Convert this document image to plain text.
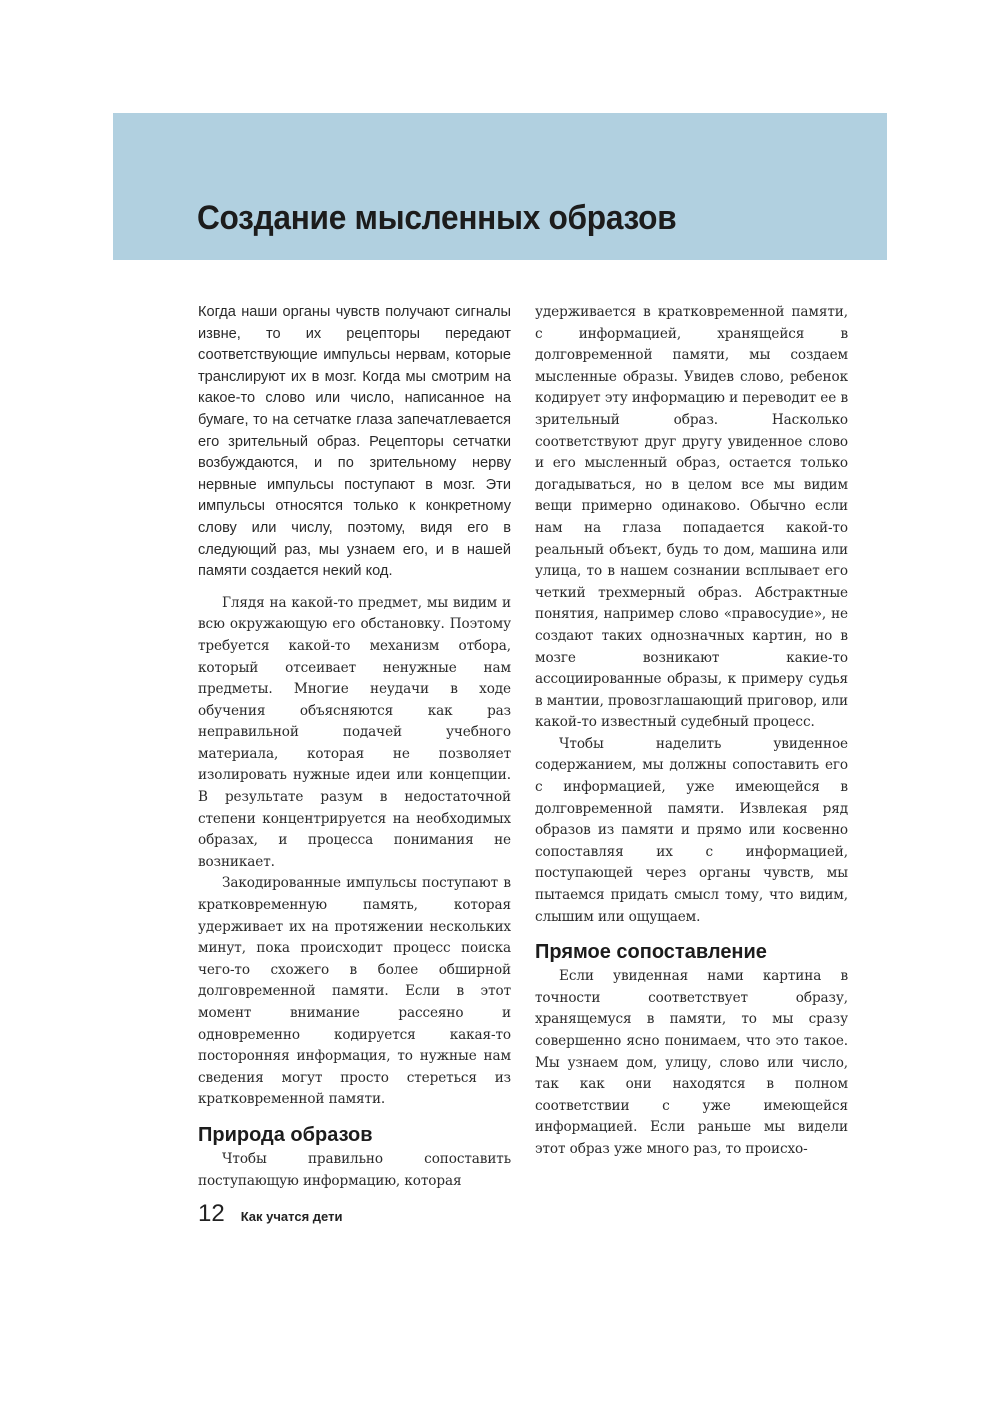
Создание мысленных образов

Когда наши органы чувств получают сигналы извне, то их рецепторы передают соответствующие импульсы нервам, которые транслируют их в мозг. Когда мы смотрим на какое-то слово или число, написанное на бумаге, то на сетчатке глаза запечатлевается его зрительный образ. Рецепторы сетчатки возбуждаются, и по зрительному нерву нервные импульсы поступают в мозг. Эти импульсы относятся только к конкретному слову или числу, поэтому, видя его в следующий раз, мы узнаем его, и в нашей памяти создается некий код.

Глядя на какой-то предмет, мы видим и всю окружающую его обстановку. Поэтому требуется какой-то механизм отбора, который отсеивает ненужные нам предметы. Многие неудачи в ходе обучения объясняются как раз неправильной подачей учебного материала, которая не позволяет изолировать нужные идеи или концепции. В результате разум в недостаточной степени концентрируется на необходимых образах, и процесса понимания не возникает.

Закодированные импульсы поступают в кратковременную память, которая удерживает их на протяжении нескольких минут, пока происходит процесс поиска чего-то схожего в более обширной долговременной памяти. Если в этот момент внимание рассеяно и одновременно кодируется какая-то посторонняя информация, то нужные нам сведения могут просто стереться из кратковременной памяти.

Природа образов

Чтобы правильно сопоставить поступающую информацию, которая

удерживается в кратковременной памяти, с информацией, хранящейся в долговременной памяти, мы создаем мысленные образы. Увидев слово, ребенок кодирует эту информацию и переводит ее в зрительный образ. Насколько соответствуют друг другу увиденное слово и его мысленный образ, остается только догадываться, но в целом все мы видим вещи примерно одинаково. Обычно если нам на глаза попадается какой-то реальный объект, будь то дом, машина или улица, то в нашем сознании всплывает его четкий трехмерный образ. Абстрактные понятия, например слово «правосудие», не создают таких однозначных картин, но в мозге возникают какие-то ассоциированные образы, к примеру судья в мантии, провозглашающий приговор, или какой-то известный судебный процесс.

Чтобы наделить увиденное содержанием, мы должны сопоставить его с информацией, уже имеющейся в долговременной памяти. Извлекая ряд образов из памяти и прямо или косвенно сопоставляя их с информацией, поступающей через органы чувств, мы пытаемся придать смысл тому, что видим, слышим или ощущаем.

Прямое сопоставление

Если увиденная нами картина в точности соответствует образу, хранящемуся в памяти, то мы сразу совершенно ясно понимаем, что это такое. Мы узнаем дом, улицу, слово или число, так как они находятся в полном соответствии с уже имеющейся информацией. Если раньше мы видели этот образ уже много раз, то происхо-

12 Как учатся дети
